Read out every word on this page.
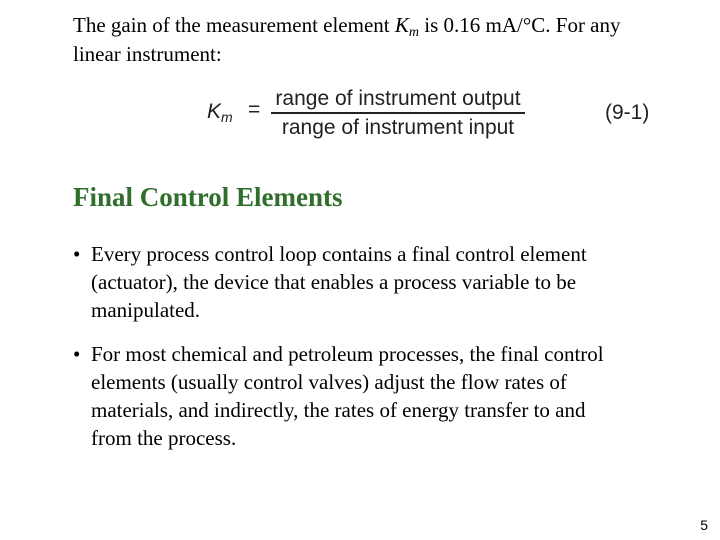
The gain of the measurement element $K_m$ is 0.16 mA/°C. For any
linear instrument:
$K_m$ = range of instrument output
range of instrument input
(9-1)
Final Control Elements
• Every process control loop contains a final control element
(actuator), the device that enables a process variable to be
manipulated.
• For most chemical and petroleum processes, the final control
elements (usually control valves) adjust the flow rates of
materials, and indirectly, the rates of energy transfer to and
from the process.
5
